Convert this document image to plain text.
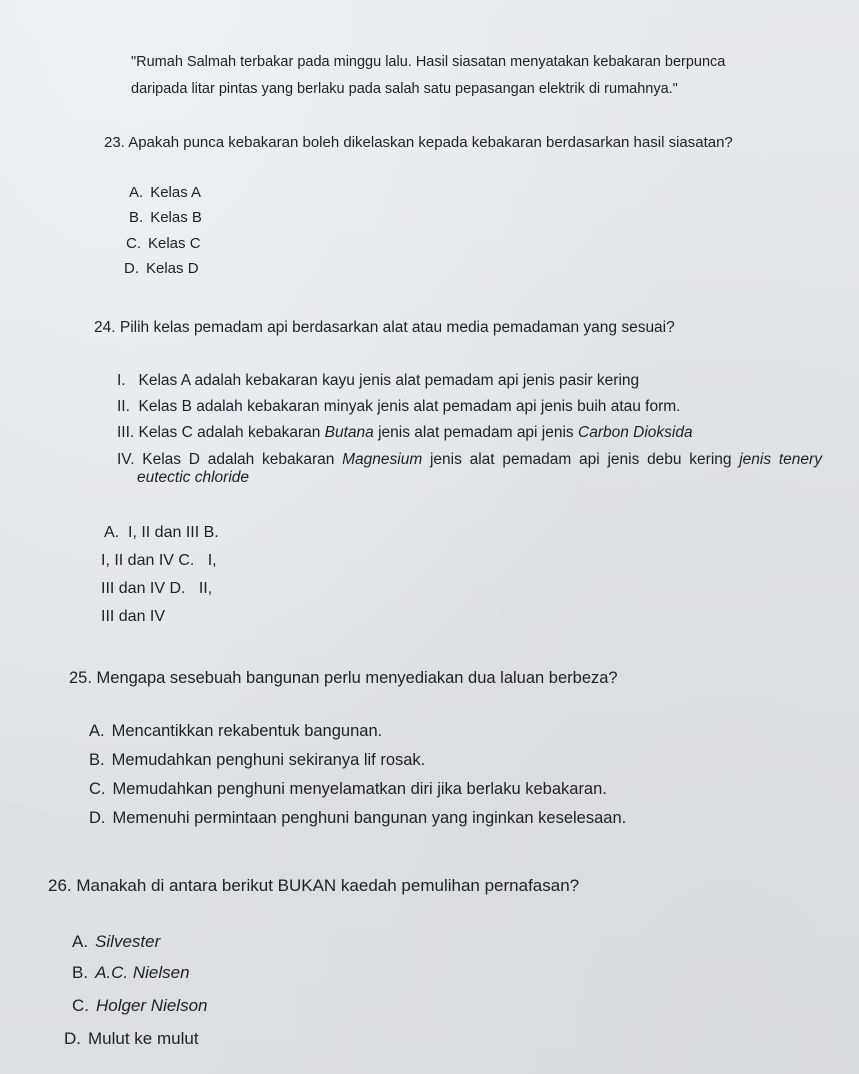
"Rumah Salmah terbakar pada minggu lalu. Hasil siasatan menyatakan kebakaran berpunca
daripada litar pintas yang berlaku pada salah satu pepasangan elektrik di rumahnya."
23. Apakah punca kebakaran boleh dikelaskan kepada kebakaran berdasarkan hasil siasatan?
A. Kelas A
B. Kelas B
C. Kelas C
D. Kelas D
24. Pilih kelas pemadam api berdasarkan alat atau media pemadaman yang sesuai?
I.   Kelas A adalah kebakaran kayu jenis alat pemadam api jenis pasir kering
II.  Kelas B adalah kebakaran minyak jenis alat pemadam api jenis buih atau form.
III. Kelas C adalah kebakaran Butana jenis alat pemadam api jenis Carbon Dioksida
IV. Kelas D adalah kebakaran Magnesium jenis alat pemadam api jenis debu kering jenis tenery
eutectic chloride
A.  I, II dan III B.
I, II dan IV C.   I,
III dan IV D.   II,
III dan IV
25. Mengapa sesebuah bangunan perlu menyediakan dua laluan berbeza?
A. Mencantikkan rekabentuk bangunan.
B. Memudahkan penghuni sekiranya lif rosak.
C. Memudahkan penghuni menyelamatkan diri jika berlaku kebakaran.
D. Memenuhi permintaan penghuni bangunan yang inginkan keselesaan.
26. Manakah di antara berikut BUKAN kaedah pemulihan pernafasan?
A. Silvester
B. A.C. Nielsen
C. Holger Nielson
D. Mulut ke mulut
